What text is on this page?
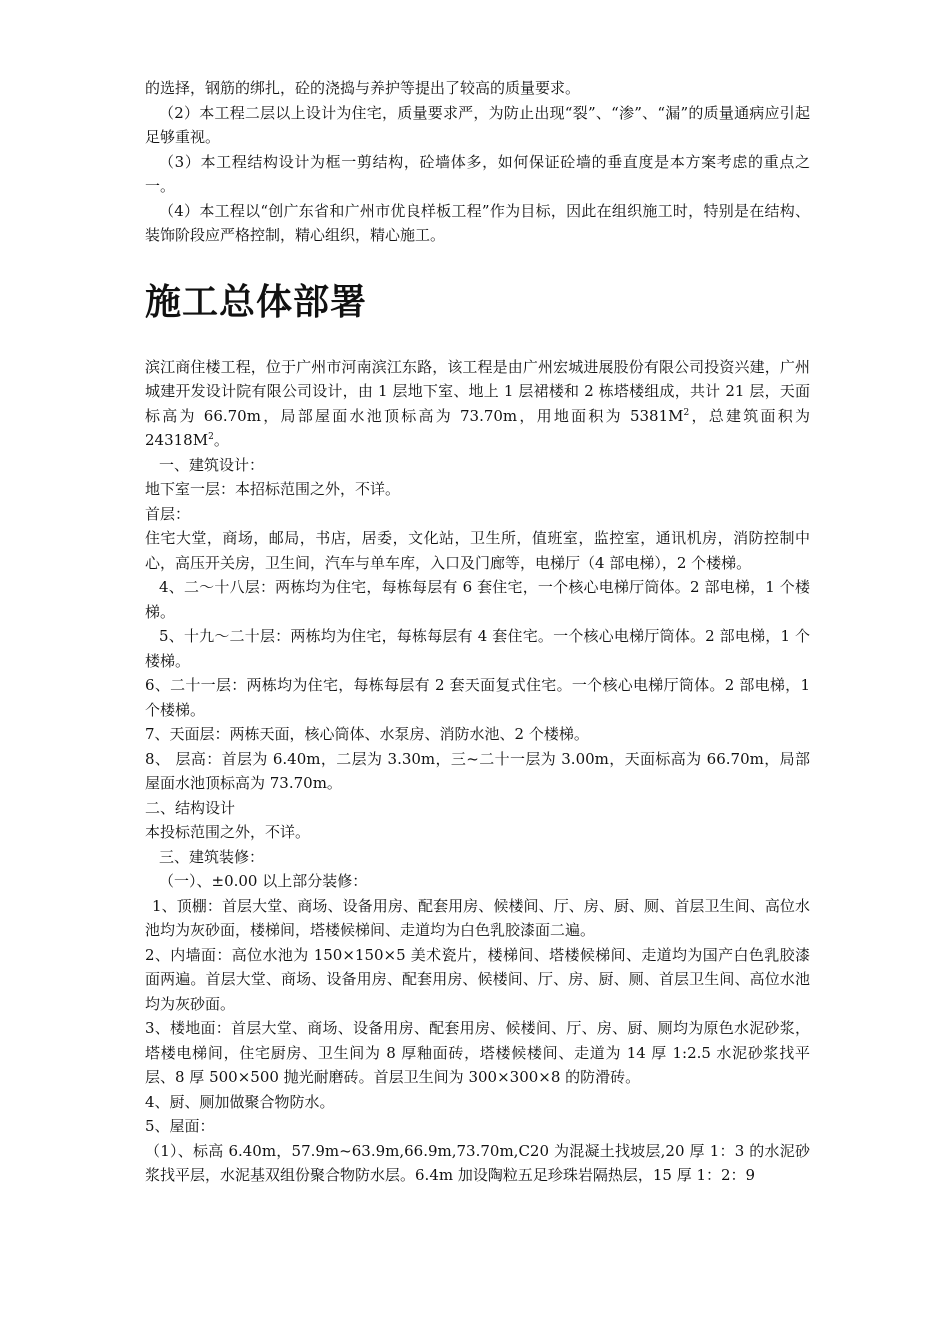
的选择，钢筋的绑扎，砼的浇捣与养护等提出了较高的质量要求。

（2）本工程二层以上设计为住宅，质量要求严，为防止出现“裂”、“渗”、“漏”的质量通病应引起足够重视。

（3）本工程结构设计为框一剪结构，砼墙体多，如何保证砼墙的垂直度是本方案考虑的重点之一。

（4）本工程以“创广东省和广州市优良样板工程”作为目标，因此在组织施工时，特别是在结构、装饰阶段应严格控制，精心组织，精心施工。

施工总体部署

滨江商住楼工程，位于广州市河南滨江东路，该工程是由广州宏城进展股份有限公司投资兴建，广州城建开发设计院有限公司设计，由 1 层地下室、地上 1 层裙楼和 2 栋塔楼组成，共计 21 层，天面标高为 66.70m，局部屋面水池顶标高为 73.70m，用地面积为 $5381M^2$，总建筑面积为 $24318M^2$。

一、建筑设计：

地下室一层：本招标范围之外，不详。

首层：

住宅大堂，商场，邮局，书店，居委，文化站，卫生所，值班室，监控室，通讯机房，消防控制中心，高压开关房，卫生间，汽车与单车库，入口及门廊等，电梯厅（4 部电梯），2 个楼梯。

4、二～十八层：两栋均为住宅，每栋每层有 6 套住宅，一个核心电梯厅筒体。2 部电梯，1 个楼梯。

5、十九～二十层：两栋均为住宅，每栋每层有 4 套住宅。一个核心电梯厅筒体。2 部电梯，1 个楼梯。

6、二十一层：两栋均为住宅，每栋每层有 2 套天面复式住宅。一个核心电梯厅筒体。2 部电梯，1 个楼梯。

7、天面层：两栋天面，核心筒体、水泵房、消防水池、2 个楼梯。

8、 层高：首层为 6.40m，二层为 3.30m，三~二十一层为 3.00m，天面标高为 66.70m，局部屋面水池顶标高为 73.70m。

二、结构设计

本投标范围之外，不详。

三、建筑装修：

（一）、±0.00 以上部分装修：

1、顶棚：首层大堂、商场、设备用房、配套用房、候楼间、厅、房、厨、厕、首层卫生间、高位水池均为灰砂面，楼梯间，塔楼候梯间、走道均为白色乳胶漆面二遍。

2、内墙面：高位水池为 150×150×5 美术瓷片，楼梯间、塔楼候梯间、走道均为国产白色乳胶漆面两遍。首层大堂、商场、设备用房、配套用房、候楼间、厅、房、厨、厕、首层卫生间、高位水池均为灰砂面。

3、楼地面：首层大堂、商场、设备用房、配套用房、候楼间、厅、房、厨、厕均为原色水泥砂浆，塔楼电梯间，住宅厨房、卫生间为 8 厚釉面砖，塔楼候楼间、走道为 14 厚 1:2.5 水泥砂浆找平层、8 厚 500×500 抛光耐磨砖。首层卫生间为 300×300×8 的防滑砖。

4、厨、厕加做聚合物防水。

5、屋面：

（1）、标高 6.40m，57.9m~63.9m,66.9m,73.70m,C20 为混凝土找坡层,20 厚 1：3 的水泥砂浆找平层，水泥基双组份聚合物防水层。6.4m 加设陶粒五足珍珠岩隔热层，15 厚 1：2：9
